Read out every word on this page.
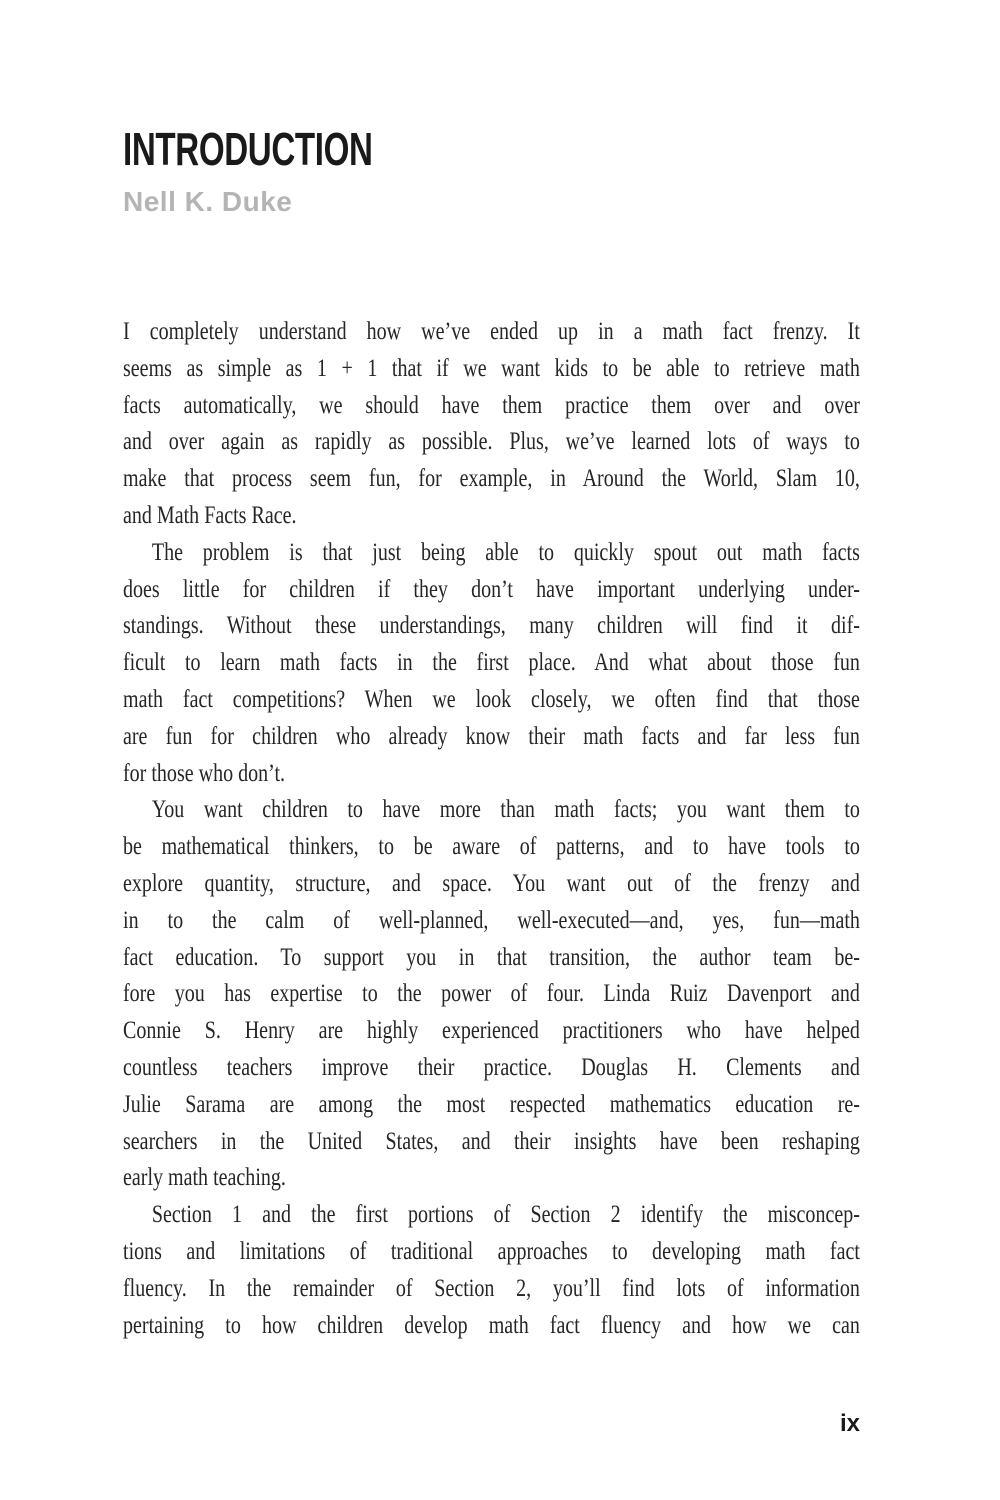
INTRODUCTION
Nell K. Duke
I completely understand how we’ve ended up in a math fact frenzy. It
seems as simple as 1 + 1 that if we want kids to be able to retrieve math
facts automatically, we should have them practice them over and over
and over again as rapidly as possible. Plus, we’ve learned lots of ways to
make that process seem fun, for example, in Around the World, Slam 10,
and Math Facts Race.
The problem is that just being able to quickly spout out math facts
does little for children if they don’t have important underlying under-
standings. Without these understandings, many children will find it dif-
ficult to learn math facts in the first place. And what about those fun
math fact competitions? When we look closely, we often find that those
are fun for children who already know their math facts and far less fun
for those who don’t.
You want children to have more than math facts; you want them to
be mathematical thinkers, to be aware of patterns, and to have tools to
explore quantity, structure, and space. You want out of the frenzy and
in to the calm of well-planned, well-executed—and, yes, fun—math
fact education. To support you in that transition, the author team be-
fore you has expertise to the power of four. Linda Ruiz Davenport and
Connie S. Henry are highly experienced practitioners who have helped
countless teachers improve their practice. Douglas H. Clements and
Julie Sarama are among the most respected mathematics education re-
searchers in the United States, and their insights have been reshaping
early math teaching.
Section 1 and the first portions of Section 2 identify the misconcep-
tions and limitations of traditional approaches to developing math fact
fluency. In the remainder of Section 2, you’ll find lots of information
pertaining to how children develop math fact fluency and how we can
ix
